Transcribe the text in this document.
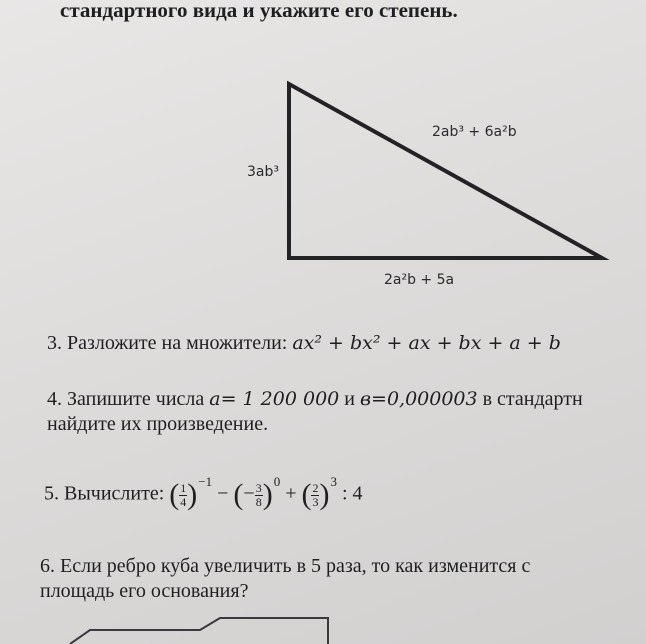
стандартного вида и укажите его степень.
3ab³
2ab³ + 6a²b
2a²b + 5a
3. Разложите на множители: ax² + bx² + ax + bx + a + b
4. Запишите числа a= 1 200 000 и в=0,000003 в стандартн
найдите их произведение.
5. Вычислите: ( $\frac{1}{4} )^{-1}$ − (− $\frac{3}{8} )^0$ + ( $\frac{2}{3} )^3$ : 4
6. Если ребро куба увеличить в 5 раза, то как изменится с
площадь его основания?
